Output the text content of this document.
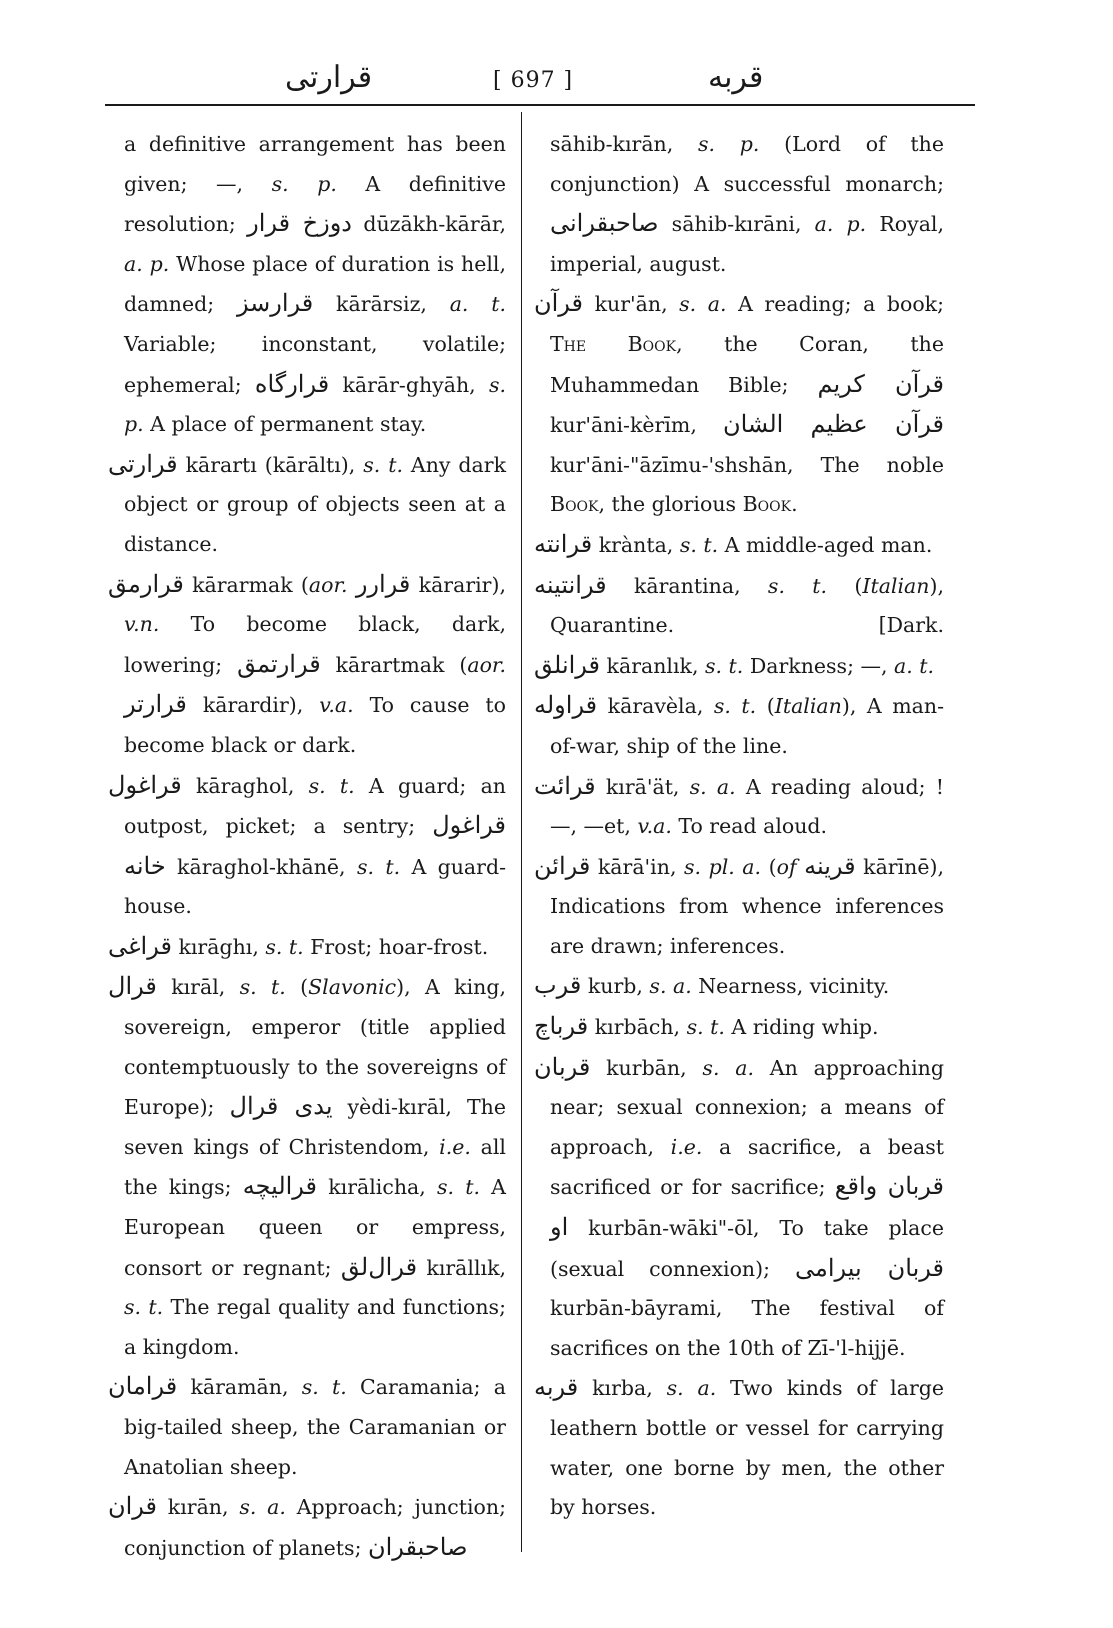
قرارتی	[ 697 ]	قربه

a definitive arrangement has been given; —, s. p. A definitive resolution; دوزخ قرار dūzākh-kārār, a. p. Whose place of duration is hell, damned; قرارسز kārārsiz, a. t. Variable; inconstant, volatile; ephemeral; قرارگاه kārār-ghyāh, s. p. A place of permanent stay.

قرارتی kārartı (kārāltı), s. t. Any dark object or group of objects seen at a distance.

قرارمق kārarmak (aor. قرارر kārarir), v.n. To become black, dark, lowering; قرارتمق kārartmak (aor. قرارتر kārardir), v.a. To cause to become black or dark.

قراغول kāraghol, s. t. A guard; an outpost, picket; a sentry; قراغول خانه kāraghol-khānē, s. t. A guard-house.

قراغی kırāghı, s. t. Frost; hoar-frost.

قرال kırāl, s. t. (Slavonic), A king, sovereign, emperor (title applied contemptuously to the sovereigns of Europe); يدی قرال yèdi-kırāl, The seven kings of Christendom, i.e. all the kings; قراليچه kırālicha, s. t. A European queen or empress, consort or regnant; قرال‌لق kırāllık, s. t. The regal quality and functions; a kingdom.

قرامان kāramān, s. t. Caramania; a big-tailed sheep, the Caramanian or Anatolian sheep.

قران kırān, s. a. Approach; junction; conjunction of planets; صاحبقران

sāhib-kırān, s. p. (Lord of the conjunction) A successful monarch; صاحبقرانی sāhib-kırāni, a. p. Royal, imperial, august.

قرآن kur'ān, s. a. A reading; a book; The Book, the Coran, the Muhammedan Bible; قرآن کریم kur'āni-kèrīm, قرآن عظيم الشان kur'āni-"āzīmu-'shshān, The noble Book, the glorious Book.

قرانته krànta, s. t. A middle-aged man.

قرانتينه kārantina, s. t. (Italian), Quarantine.	[Dark.

قرانلق kāranlık, s. t. Darkness; —, a. t.

قراوله kāravèla, s. t. (Italian), A man-of-war, ship of the line.

قرائت kırā'ät, s. a. A reading aloud; !—, —et, v.a. To read aloud.

قرائن kārā'in, s. pl. a. (of قرينه kārīnē), Indications from whence inferences are drawn; inferences.

قرب kurb, s. a. Nearness, vicinity.

قرباچ kırbāch, s. t. A riding whip.

قربان kurbān, s. a. An approaching near; sexual connexion; a means of approach, i.e. a sacrifice, a beast sacrificed or for sacrifice; قربان واقع او kurbān-wāki"-ōl, To take place (sexual connexion); قربان بيرامی kurbān-bāyrami, The festival of sacrifices on the 10th of Zī-'l-hijjē.

قربه kırba, s. a. Two kinds of large leathern bottle or vessel for carrying water, one borne by men, the other by horses.
